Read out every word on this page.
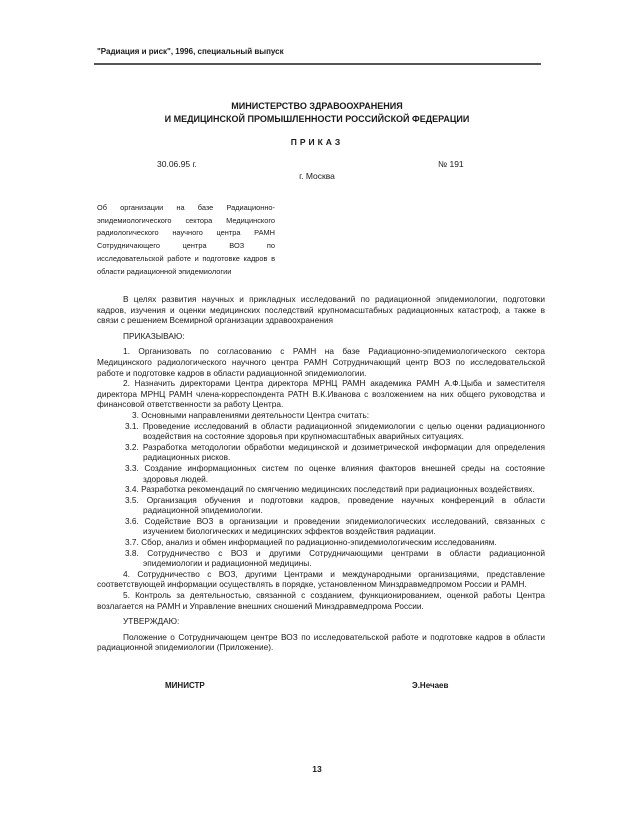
"Радиация и риск", 1996, специальный выпуск
МИНИСТЕРСТВО ЗДРАВООХРАНЕНИЯ
И МЕДИЦИНСКОЙ ПРОМЫШЛЕННОСТИ РОССИЙСКОЙ ФЕДЕРАЦИИ
ПРИКАЗ
30.06.95 г.	№ 191
г. Москва
Об организации на базе Радиационно-эпидемиологического сектора Медицинского радиологического научного центра РАМН Сотрудничающего центра ВОЗ по исследовательской работе и подготовке кадров в области радиационной эпидемиологии

В целях развития научных и прикладных исследований по радиационной эпидемиологии, подготовки кадров, изучения и оценки медицинских последствий крупномасштабных радиационных катастроф, а также в связи с решением Всемирной организации здравоохранения

ПРИКАЗЫВАЮ:

1. Организовать по согласованию с РАМН на базе Радиационно-эпидемиологического сектора Медицинского радиологического научного центра РАМН Сотрудничающий центр ВОЗ по исследовательской работе и подготовке кадров в области радиационной эпидемиологии.

2. Назначить директорами Центра директора МРНЦ РАМН академика РАМН А.Ф.Цыба и заместителя директора МРНЦ РАМН члена-корреспондента РАТН В.К.Иванова с возложением на них общего руководства и финансовой ответственности за работу Центра.

3. Основными направлениями деятельности Центра считать:

3.1. Проведение исследований в области радиационной эпидемиологии с целью оценки радиационного воздействия на состояние здоровья при крупномасштабных аварийных ситуациях.

3.2. Разработка методологии обработки медицинской и дозиметрической информации для определения радиационных рисков.

3.3. Создание информационных систем по оценке влияния факторов внешней среды на состояние здоровья людей.

3.4. Разработка рекомендаций по смягчению медицинских последствий при радиационных воздействиях.

3.5. Организация обучения и подготовки кадров, проведение научных конференций в области радиационной эпидемиологии.

3.6. Содействие ВОЗ в организации и проведении эпидемиологических исследований, связанных с изучением биологических и медицинских эффектов воздействия радиации.

3.7. Сбор, анализ и обмен информацией по радиационно-эпидемиологическим исследованиям.

3.8. Сотрудничество с ВОЗ и другими Сотрудничающими центрами в области радиационной эпидемиологии и радиационной медицины.

4. Сотрудничество с ВОЗ, другими Центрами и международными организациями, представление соответствующей информации осуществлять в порядке, установленном Минздравмедпромом России и РАМН.

5. Контроль за деятельностью, связанной с созданием, функционированием, оценкой работы Центра возлагается на РАМН и Управление внешних сношений Минздравмедпрома России.

УТВЕРЖДАЮ:

Положение о Сотрудничающем центре ВОЗ по исследовательской работе и подготовке кадров в области радиационной эпидемиологии (Приложение).

МИНИСТР	Э.Нечаев
13
